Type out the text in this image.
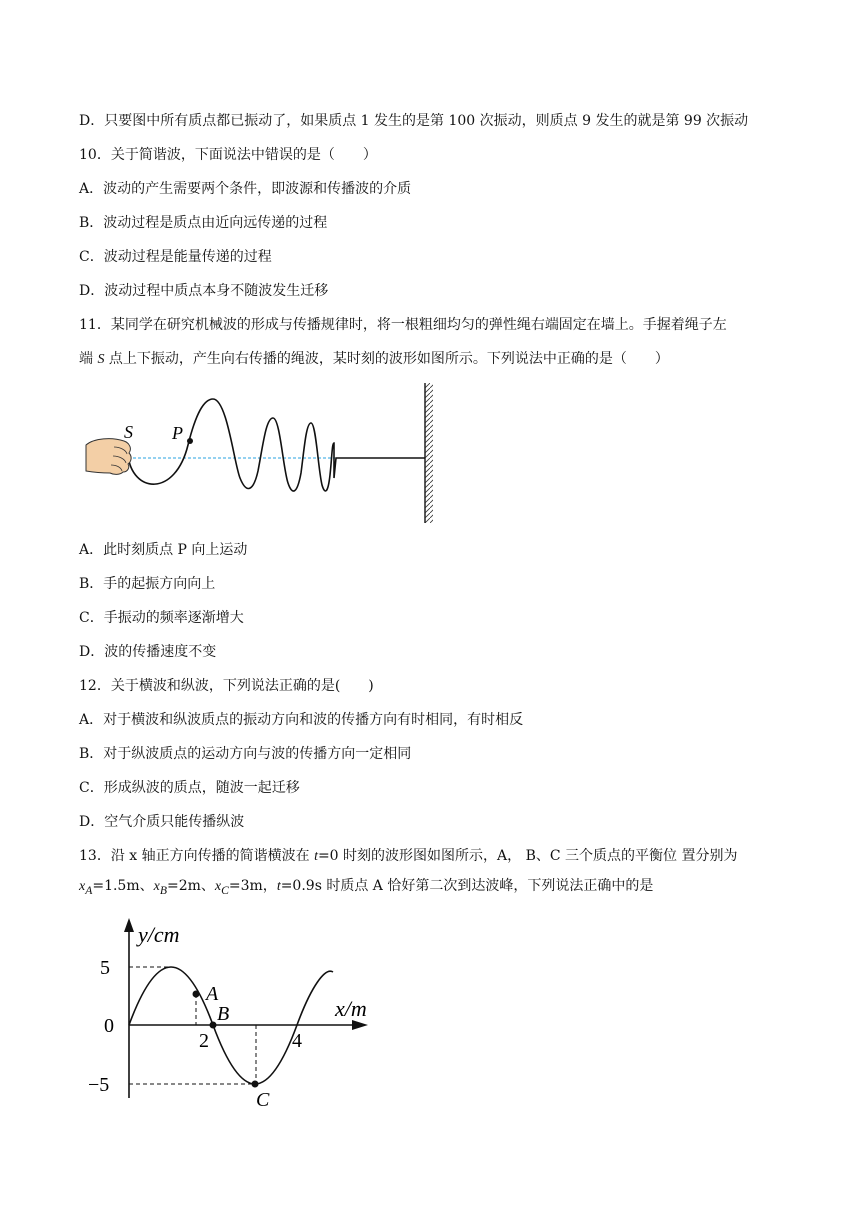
D．只要图中所有质点都已振动了，如果质点 1 发生的是第 100 次振动，则质点 9 发生的就是第 99 次振动
10．关于简谐波，下面说法中错误的是（　　）
A．波动的产生需要两个条件，即波源和传播波的介质
B．波动过程是质点由近向远传递的过程
C．波动过程是能量传递的过程
D．波动过程中质点本身不随波发生迁移
11．某同学在研究机械波的形成与传播规律时，将一根粗细均匀的弹性绳右端固定在墙上。手握着绳子左
端 S 点上下振动，产生向右传播的绳波，某时刻的波形如图所示。下列说法中正确的是（　　）
S P
A．此时刻质点 P 向上运动
B．手的起振方向向上
C．手振动的频率逐渐增大
D．波的传播速度不变
12．关于横波和纵波，下列说法正确的是(　　)
A．对于横波和纵波质点的振动方向和波的传播方向有时相同，有时相反
B．对于纵波质点的运动方向与波的传播方向一定相同
C．形成纵波的质点，随波一起迁移
D．空气介质只能传播纵波
13．沿 x 轴正方向传播的简谐横波在 t=0 时刻的波形图如图所示，A， B、C 三个质点的平衡位 置分别为
$x_A=1.5m$、$x_B=2m$、$x_C=3m$，t=0.9s 时质点 A 恰好第二次到达波峰，下列说法正确中的是
y/cm
x/m
5
0
−5
2	4
A
B
C
